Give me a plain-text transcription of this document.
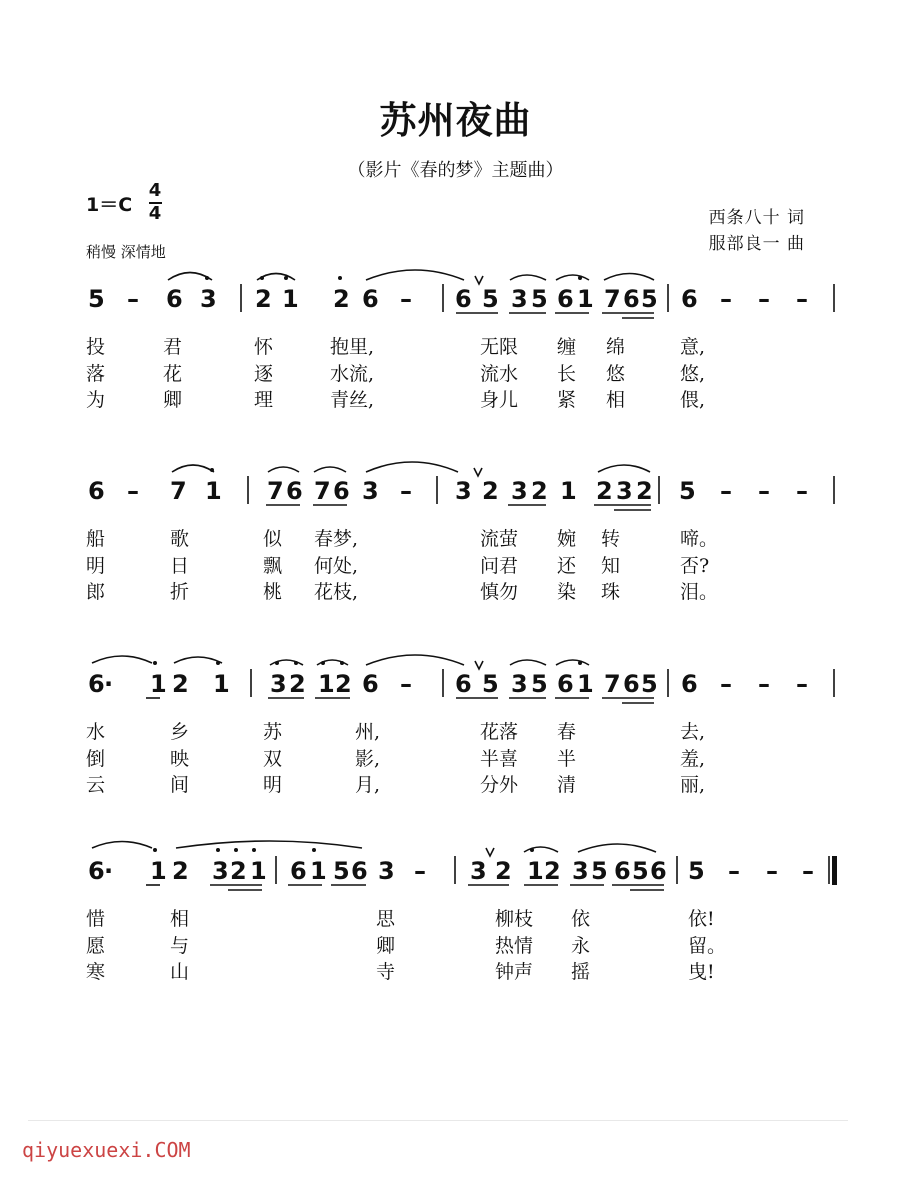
苏州夜曲
（影片《春的梦》主题曲）
1＝C
4
4
稍慢 深情地
西条八十 词
服部良一 曲
5 – 6 3 2 1 2 6 – 6 5 3 5 6 1 7 6 5 6 – – –
投	君	怀	抱里,	无限 缠 绵	意,
落	花	逐	水流,	流水 长 悠	悠,
为	卿	理	青丝,	身儿 紧 相	偎,
6 – 7 1 7 6 7 6 3 – 3 2 3 2 1 2 3 2 5 – – –
船	歌	似 春梦,	流萤 婉 转	啼。
明	日	飘 何处,	问君 还 知	否?
郎	折	桃 花枝,	慎勿 染 珠	泪。
6 · 1 2 1 3 2 1 2 6 – 6 5 3 5 6 1 7 6 5 6 – – –
水	乡	苏	州,	花落 春	去,
倒	映	双	影,	半喜 半	羞,
云	间	明	月,	分外 清	丽,
6 · 1 2 3 2 1 6 1 5 6 3 – 3 2 1 2 3 5 6 5 6 5 – – –
惜	相	思	柳枝 依	依!
愿	与	卿	热情 永	留。
寒	山	寺	钟声 摇	曳!
qiyuexuexi.COM
